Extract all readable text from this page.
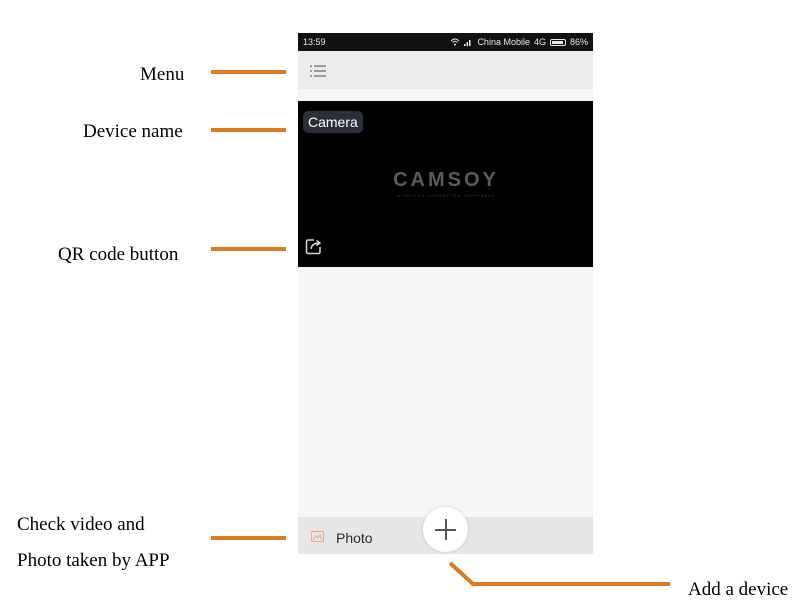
Menu
Device name
QR code button
Check video and
Photo taken by APP
Add a device
13:59	China Mobile 4G	86%
Camera
CAMSOY
WIRELESS CONNECTED HAPPINESS
Photo
